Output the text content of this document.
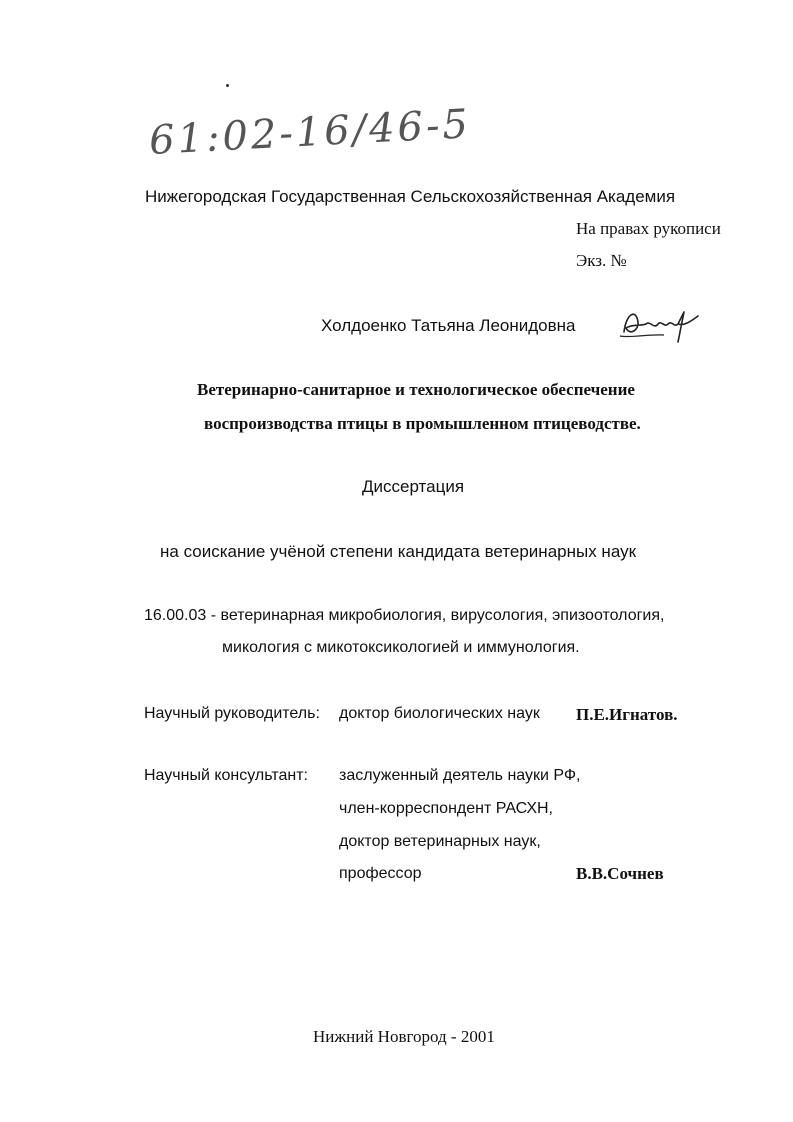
61:02-16/46-5
Нижегородская Государственная Сельскохозяйственная Академия
На правах рукописи
Экз. №
Холдоенко Татьяна Леонидовна
Ветеринарно-санитарное и технологическое обеспечение
воспроизводства птицы в промышленном птицеводстве.
Диссертация
на соискание учёной степени кандидата ветеринарных наук
16.00.03 - ветеринарная микробиология, вирусология, эпизоотология,
микология с микотоксикологией и иммунология.
Научный руководитель: доктор биологических наук П.Е.Игнатов.
Научный консультант: заслуженный деятель науки РФ,
член-корреспондент РАСХН,
доктор ветеринарных наук,
профессор	В.В.Сочнев
Нижний Новгород - 2001
